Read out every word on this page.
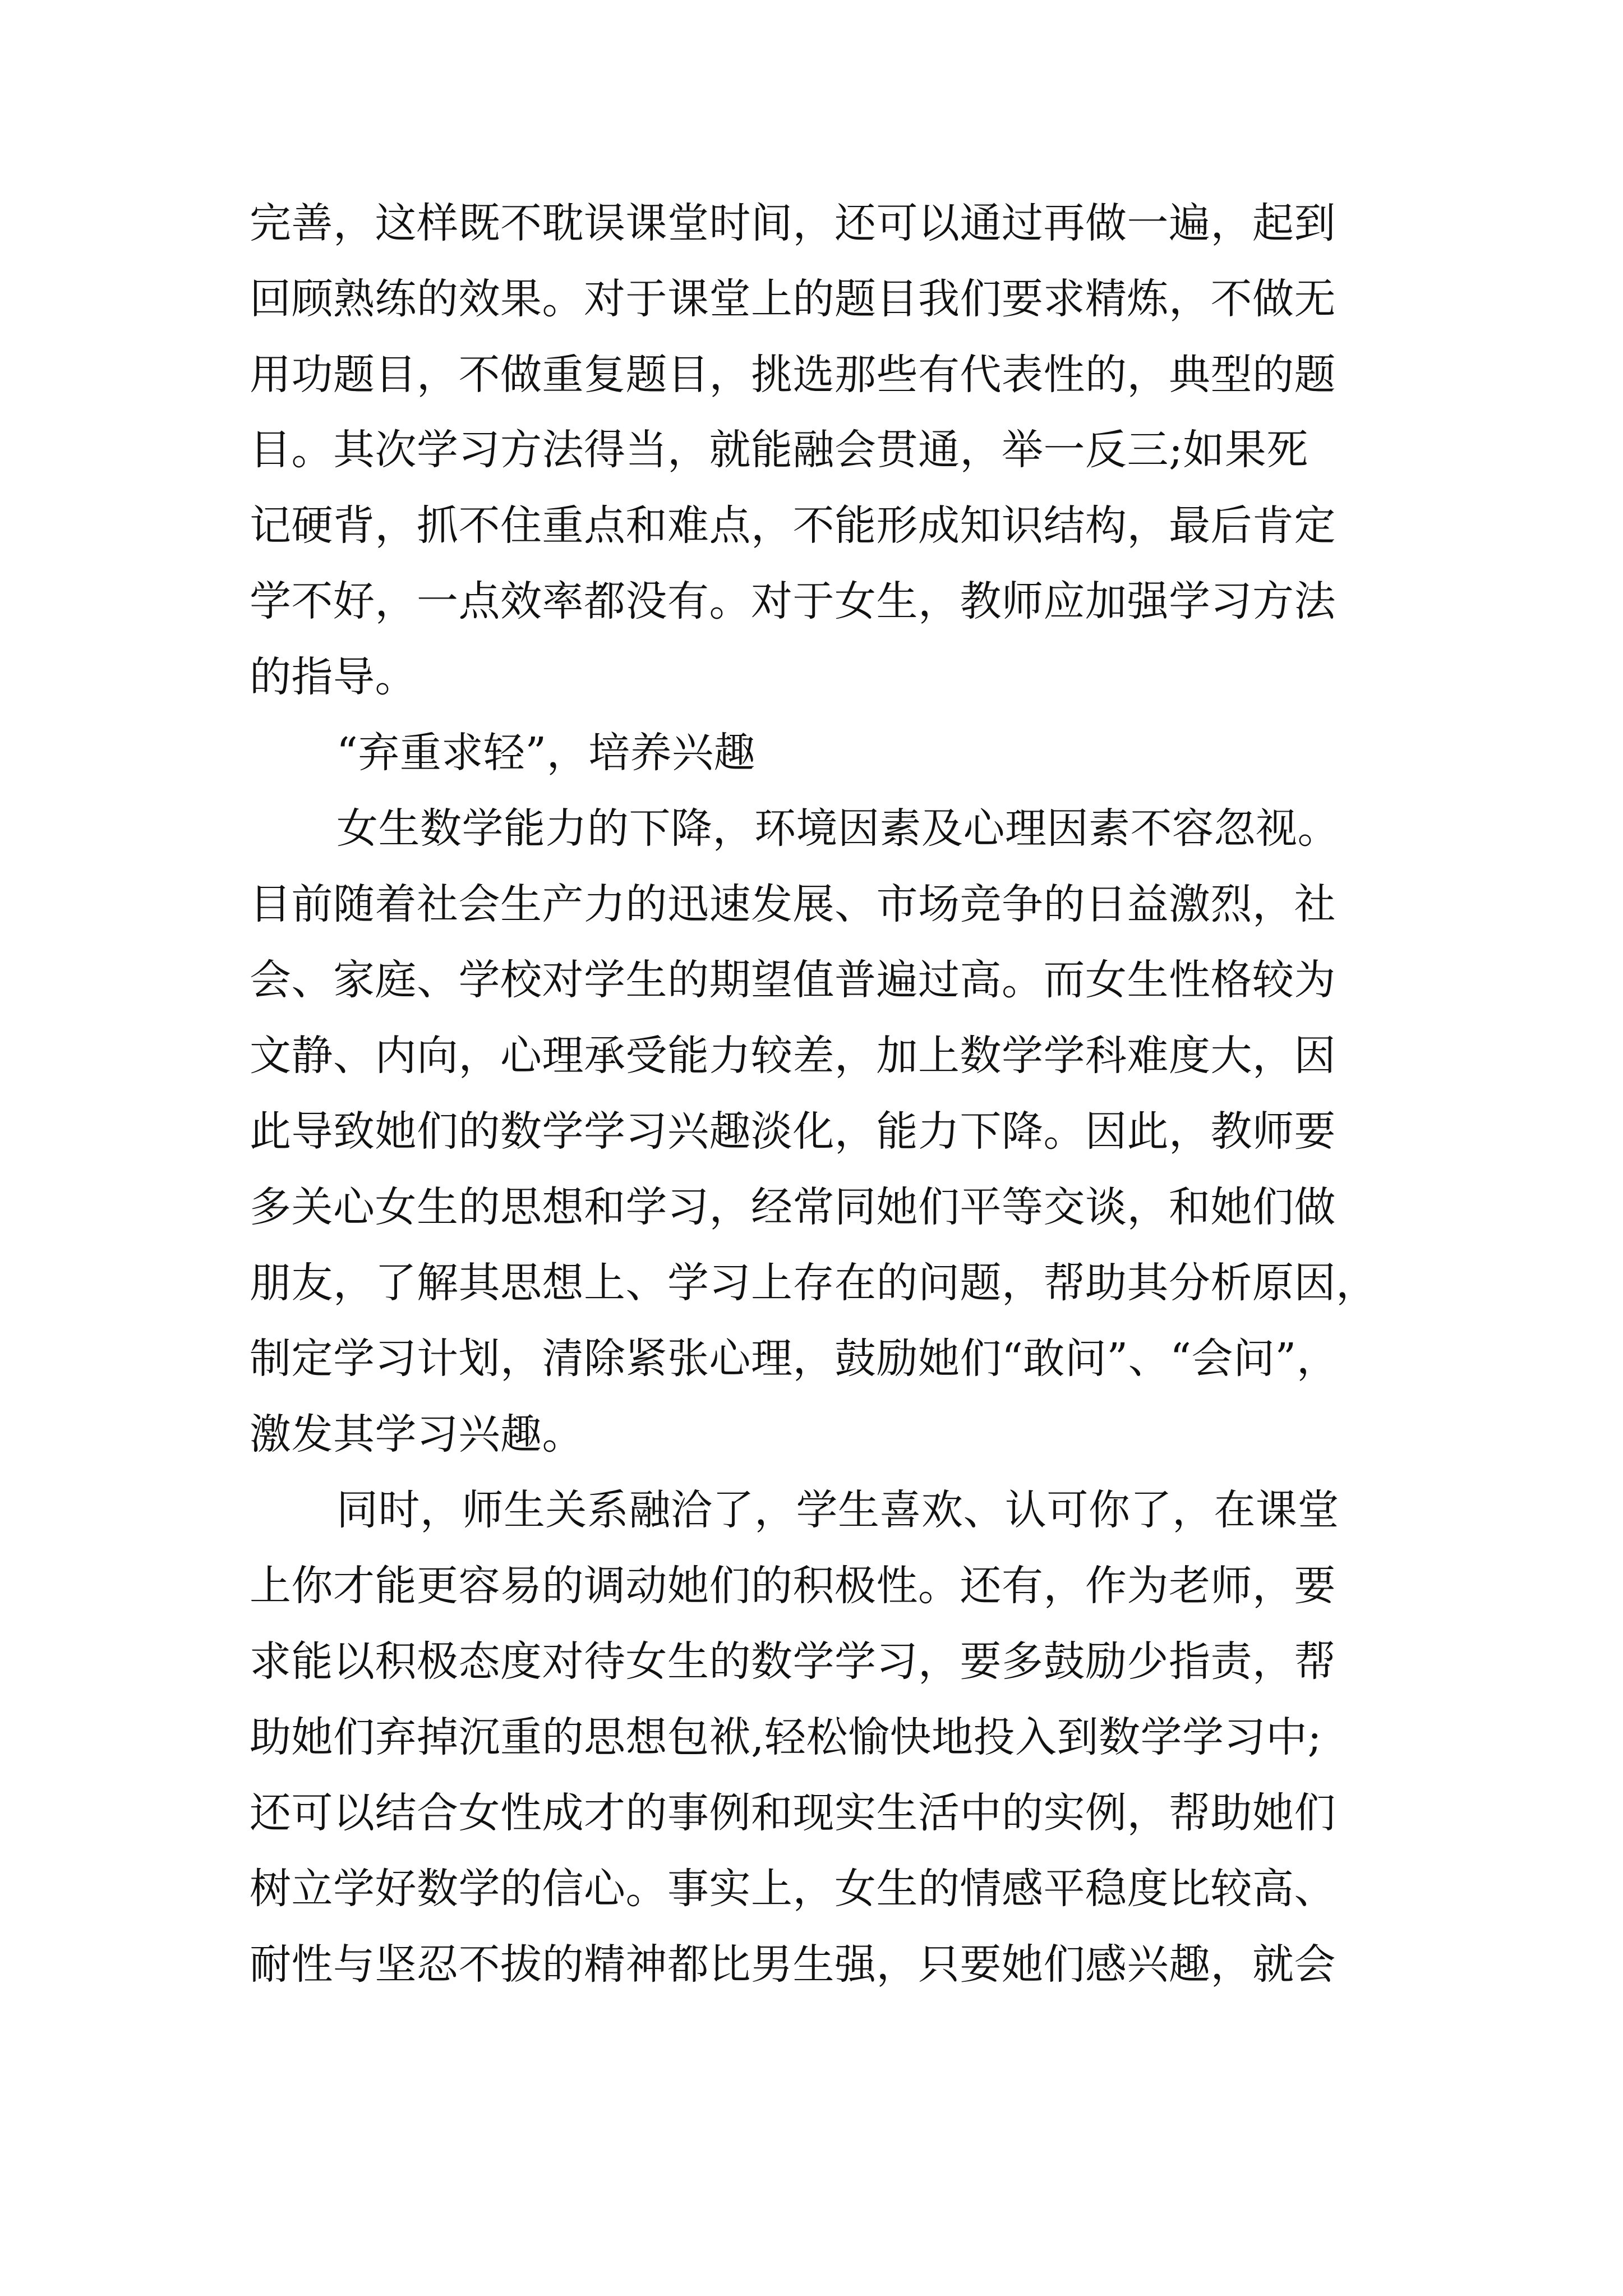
完善，这样既不耽误课堂时间，还可以通过再做一遍，起到
回顾熟练的效果。对于课堂上的题目我们要求精炼，不做无
用功题目，不做重复题目，挑选那些有代表性的，典型的题
目。其次学习方法得当，就能融会贯通，举一反三;如果死
记硬背，抓不住重点和难点，不能形成知识结构，最后肯定
学不好，一点效率都没有。对于女生，教师应加强学习方法
的指导。
“弃重求轻”，培养兴趣
女生数学能力的下降，环境因素及心理因素不容忽视。
目前随着社会生产力的迅速发展、市场竞争的日益激烈，社
会、家庭、学校对学生的期望值普遍过高。而女生性格较为
文静、内向，心理承受能力较差，加上数学学科难度大，因
此导致她们的数学学习兴趣淡化，能力下降。因此，教师要
多关心女生的思想和学习，经常同她们平等交谈，和她们做
朋友，了解其思想上、学习上存在的问题，帮助其分析原因，
制定学习计划，清除紧张心理，鼓励她们“敢问”、“会问”，
激发其学习兴趣。
同时，师生关系融洽了，学生喜欢、认可你了，在课堂
上你才能更容易的调动她们的积极性。还有，作为老师，要
求能以积极态度对待女生的数学学习，要多鼓励少指责，帮
助她们弃掉沉重的思想包袱,轻松愉快地投入到数学学习中;
还可以结合女性成才的事例和现实生活中的实例，帮助她们
树立学好数学的信心。事实上，女生的情感平稳度比较高、
耐性与坚忍不拔的精神都比男生强，只要她们感兴趣，就会
